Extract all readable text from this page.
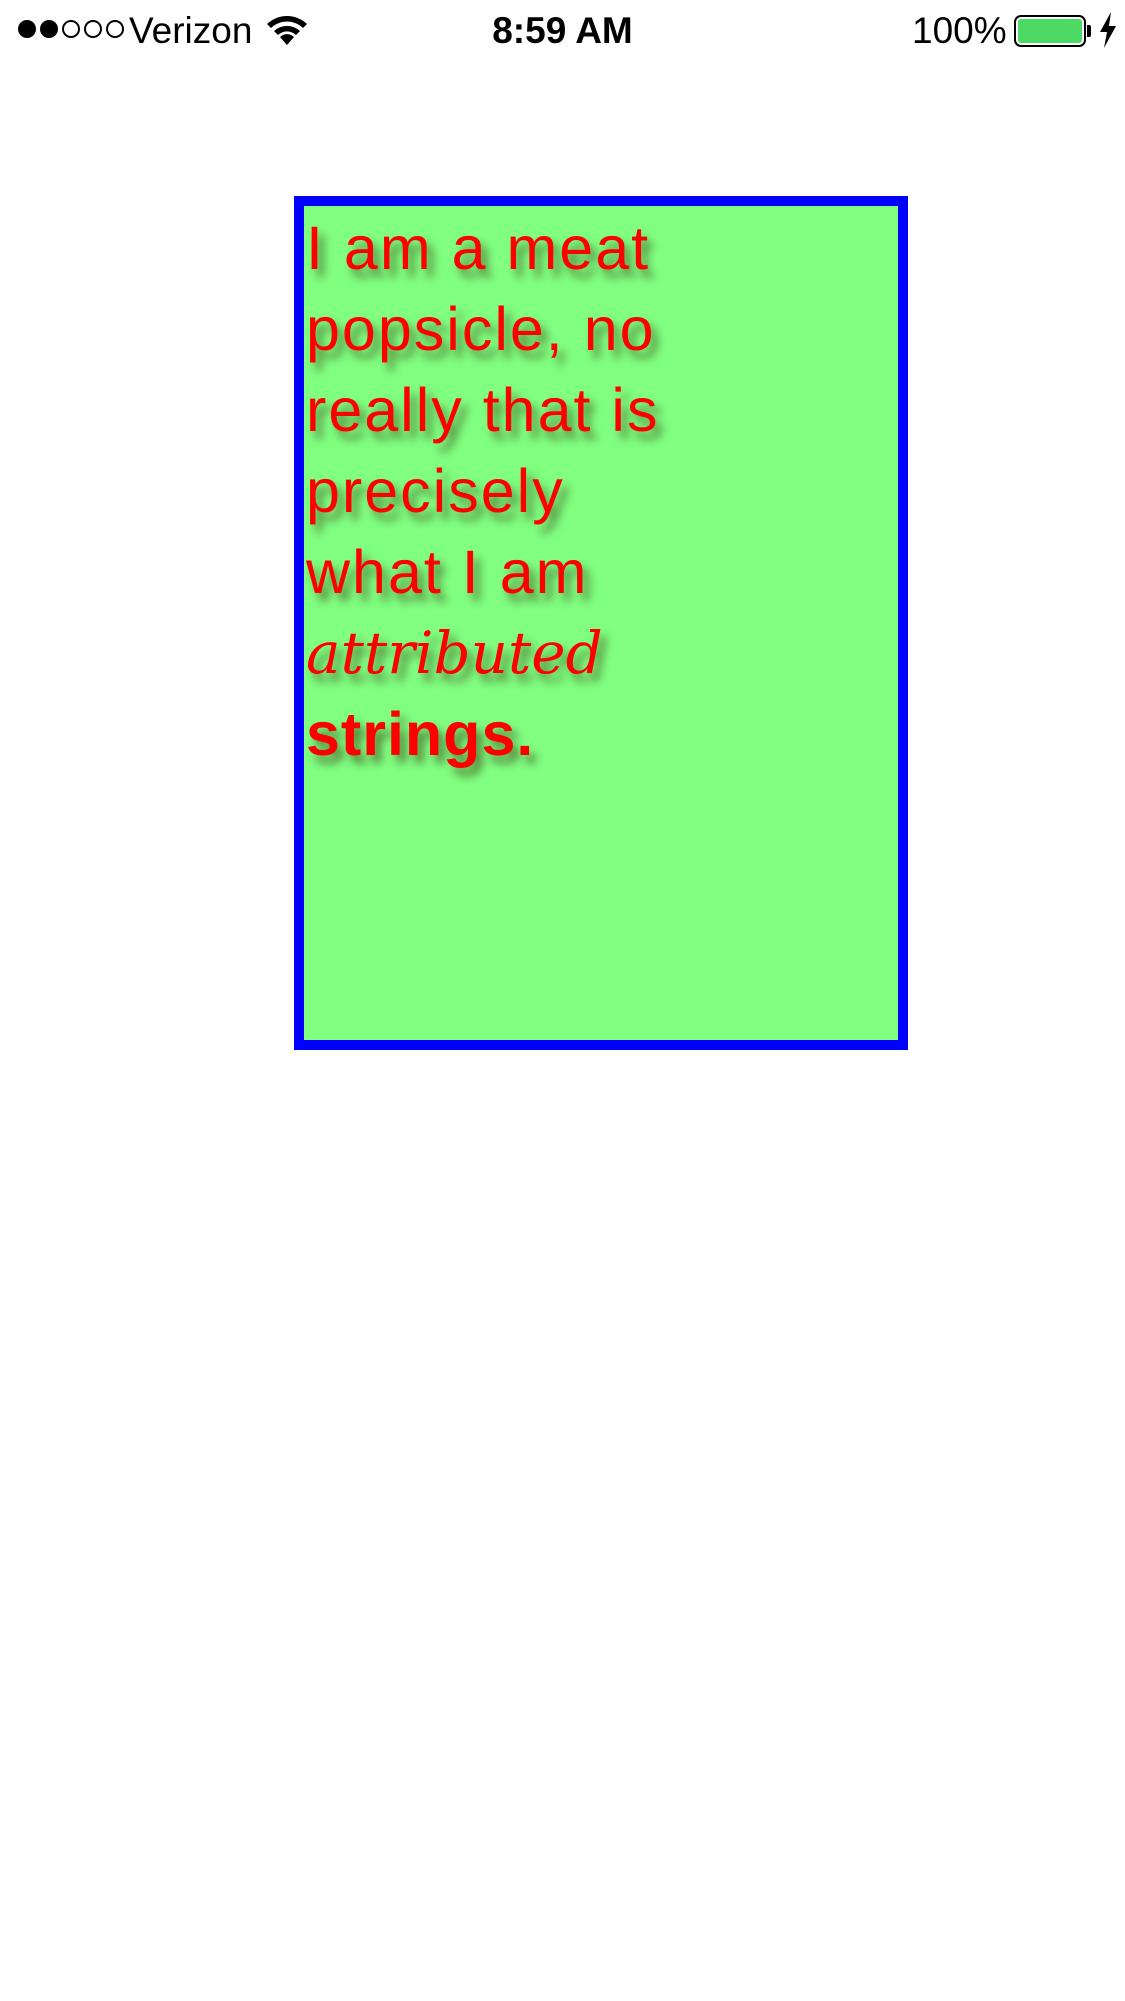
Verizon	8:59 AM	100%

I am a meat
popsicle, no
really that is
precisely
what I am
attributed
strings.
